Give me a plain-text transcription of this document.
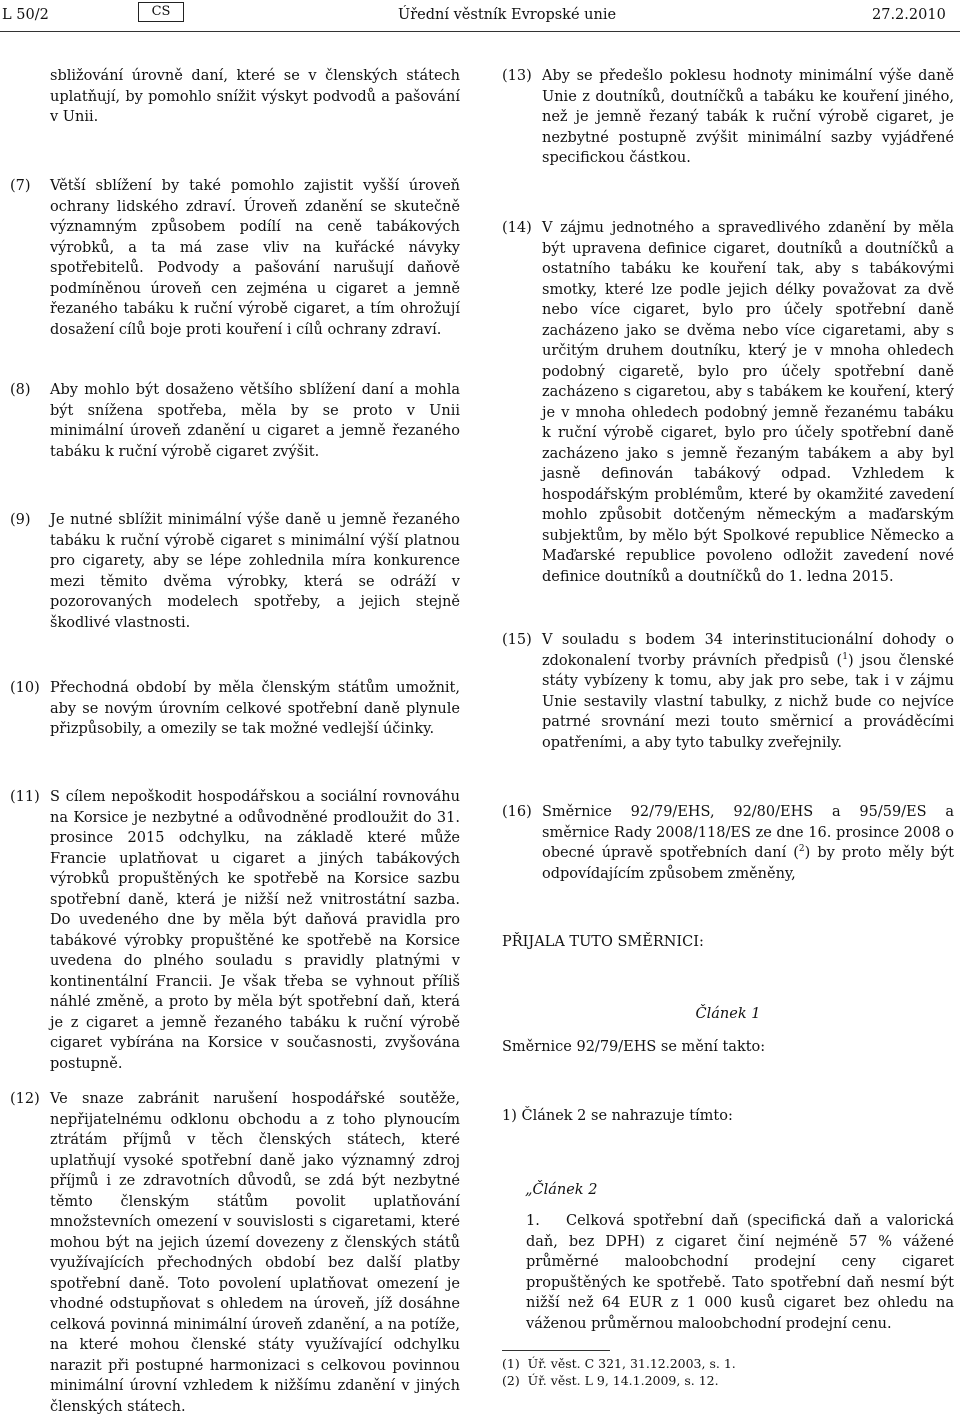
L 50/2	CS	Úřední věstník Evropské unie	27.2.2010

sbližování úrovně daní, které se v členských státech uplatňují, by pomohlo snížit výskyt podvodů a pašování v Unii.

(7)	Větší sblížení by také pomohlo zajistit vyšší úroveň ochrany lidského zdraví. Úroveň zdanění se skutečně významným způsobem podílí na ceně tabákových výrobků, a ta má zase vliv na kuřácké návyky spotřebitelů. Podvody a pašování narušují daňově podmíněnou úroveň cen zejména u cigaret a jemně řezaného tabáku k ruční výrobě cigaret, a tím ohrožují dosažení cílů boje proti kouření i cílů ochrany zdraví.

(8)	Aby mohlo být dosaženo většího sblížení daní a mohla být snížena spotřeba, měla by se proto v Unii minimální úroveň zdanění u cigaret a jemně řezaného tabáku k ruční výrobě cigaret zvýšit.

(9)	Je nutné sblížit minimální výše daně u jemně řezaného tabáku k ruční výrobě cigaret s minimální výší platnou pro cigarety, aby se lépe zohlednila míra konkurence mezi těmito dvěma výrobky, která se odráží v pozorovaných modelech spotřeby, a jejich stejně škodlivé vlastnosti.

(10) Přechodná období by měla členským státům umožnit, aby se novým úrovním celkové spotřební daně plynule přizpůsobily, a omezily se tak možné vedlejší účinky.

(11) S cílem nepoškodit hospodářskou a sociální rovnováhu na Korsice je nezbytné a odůvodněné prodloužit do 31. prosince 2015 odchylku, na základě které může Francie uplatňovat u cigaret a jiných tabákových výrobků propuštěných ke spotřebě na Korsice sazbu spotřební daně, která je nižší než vnitrostátní sazba. Do uvedeného dne by měla být daňová pravidla pro tabákové výrobky propuštěné ke spotřebě na Korsice uvedena do plného souladu s pravidly platnými v kontinentální Francii. Je však třeba se vyhnout příliš náhlé změně, a proto by měla být spotřební daň, která je z cigaret a jemně řezaného tabáku k ruční výrobě cigaret vybírána na Korsice v současnosti, zvyšována postupně.

(12) Ve snaze zabránit narušení hospodářské soutěže, nepřijatelnému odklonu obchodu a z toho plynoucím ztrátám příjmů v těch členských státech, které uplatňují vysoké spotřební daně jako významný zdroj příjmů i ze zdravotních důvodů, se zdá být nezbytné těmto členským státům povolit uplatňování množstevních omezení v souvislosti s cigaretami, které mohou být na jejich území dovezeny z členských států využívajících přechodných období bez další platby spotřební daně. Toto povolení uplatňovat omezení je vhodné odstupňovat s ohledem na úroveň, jíž dosáhne celková povinná minimální úroveň zdanění, a na potíže, na které mohou členské státy využívající odchylku narazit při postupné harmonizaci s celkovou povinnou minimální úrovní vzhledem k nižšímu zdanění v jiných členských státech.

(13) Aby se předešlo poklesu hodnoty minimální výše daně Unie z doutníků, doutníčků a tabáku ke kouření jiného, než je jemně řezaný tabák k ruční výrobě cigaret, je nezbytné postupně zvýšit minimální sazby vyjádřené specifickou částkou.

(14) V zájmu jednotného a spravedlivého zdanění by měla být upravena definice cigaret, doutníků a doutníčků a ostatního tabáku ke kouření tak, aby s tabákovými smotky, které lze podle jejich délky považovat za dvě nebo více cigaret, bylo pro účely spotřební daně zacházeno jako se dvěma nebo více cigaretami, aby s určitým druhem doutníku, který je v mnoha ohledech podobný cigaretě, bylo pro účely spotřební daně zacházeno s cigaretou, aby s tabákem ke kouření, který je v mnoha ohledech podobný jemně řezanému tabáku k ruční výrobě cigaret, bylo pro účely spotřební daně zacházeno jako s jemně řezaným tabákem a aby byl jasně definován tabákový odpad. Vzhledem k hospodářským problémům, které by okamžité zavedení mohlo způsobit dotčeným německým a maďarským subjektům, by mělo být Spolkové republice Německo a Maďarské republice povoleno odložit zavedení nové definice doutníků a doutníčků do 1. ledna 2015.

(15) V souladu s bodem 34 interinstitucionální dohody o zdokonalení tvorby právních předpisů ($^1$) jsou členské státy vybízeny k tomu, aby jak pro sebe, tak i v zájmu Unie sestavily vlastní tabulky, z nichž bude co nejvíce patrné srovnání mezi touto směrnicí a prováděcími opatřeními, a aby tyto tabulky zveřejnily.

(16) Směrnice 92/79/EHS, 92/80/EHS a 95/59/ES a směrnice Rady 2008/118/ES ze dne 16. prosince 2008 o obecné úpravě spotřebních daní ($^2$) by proto měly být odpovídajícím způsobem změněny,

PŘIJALA TUTO SMĚRNICI:
Článek 1
Směrnice 92/79/EHS se mění takto:
1) Článek 2 se nahrazuje tímto:
„Článek 2

1. Celková spotřební daň (specifická daň a valorická daň, bez DPH) z cigaret činí nejméně 57 % vážené průměrné maloobchodní prodejní ceny cigaret propuštěných ke spotřebě. Tato spotřební daň nesmí být nižší než 64 EUR z 1 000 kusů cigaret bez ohledu na váženou průměrnou maloobchodní prodejní cenu.

(1) Úř. věst. C 321, 31.12.2003, s. 1.
(2) Úř. věst. L 9, 14.1.2009, s. 12.
